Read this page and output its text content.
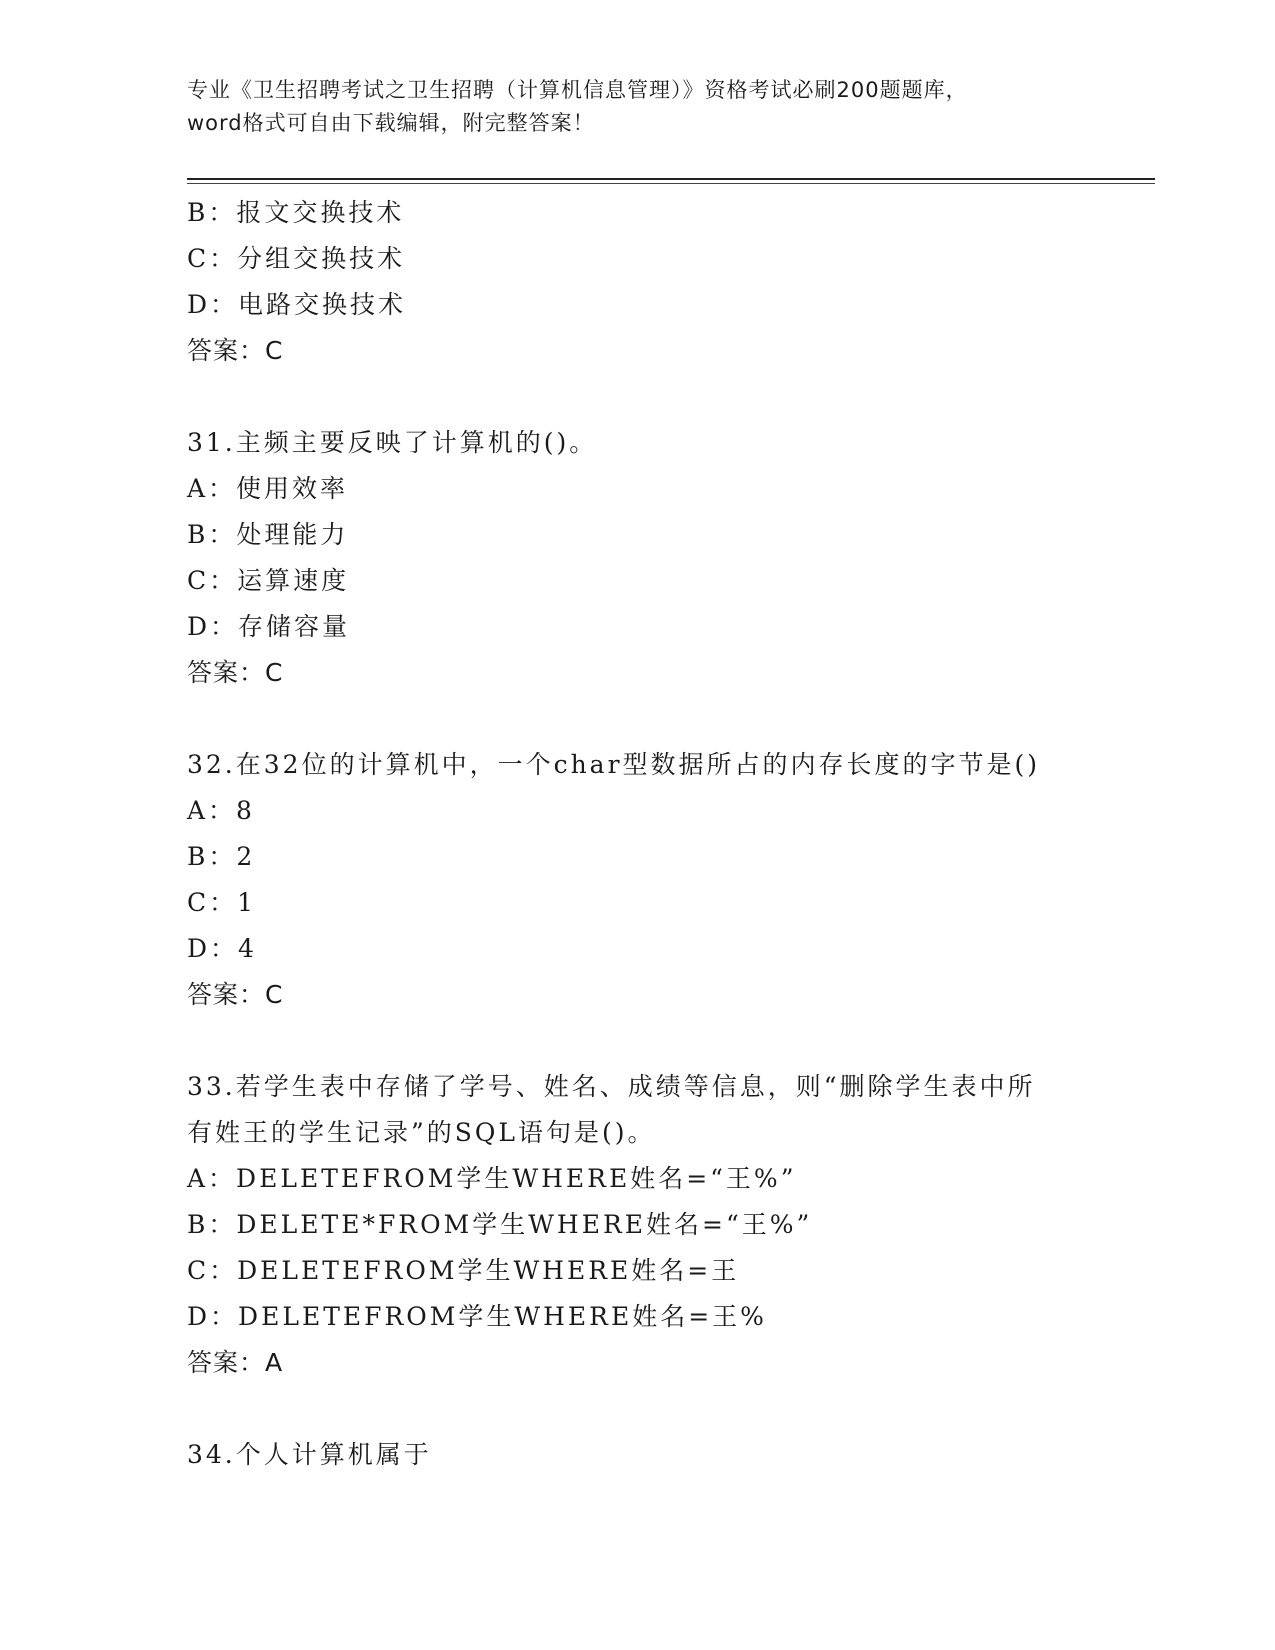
专业《卫生招聘考试之卫生招聘（计算机信息管理）》资格考试必刷200题题库，
word格式可自由下载编辑，附完整答案！
B：报文交换技术
C：分组交换技术
D：电路交换技术
答案：C
31.主频主要反映了计算机的()。
A：使用效率
B：处理能力
C：运算速度
D：存储容量
答案：C
32.在32位的计算机中，一个char型数据所占的内存长度的字节是()
A：8
B：2
C：1
D：4
答案：C
33.若学生表中存储了学号、姓名、成绩等信息，则“删除学生表中所
有姓王的学生记录”的SQL语句是()。
A：DELETEFROM学生WHERE姓名=“王%”
B：DELETE*FROM学生WHERE姓名=“王%”
C：DELETEFROM学生WHERE姓名=王
D：DELETEFROM学生WHERE姓名=王%
答案：A
34.个人计算机属于
